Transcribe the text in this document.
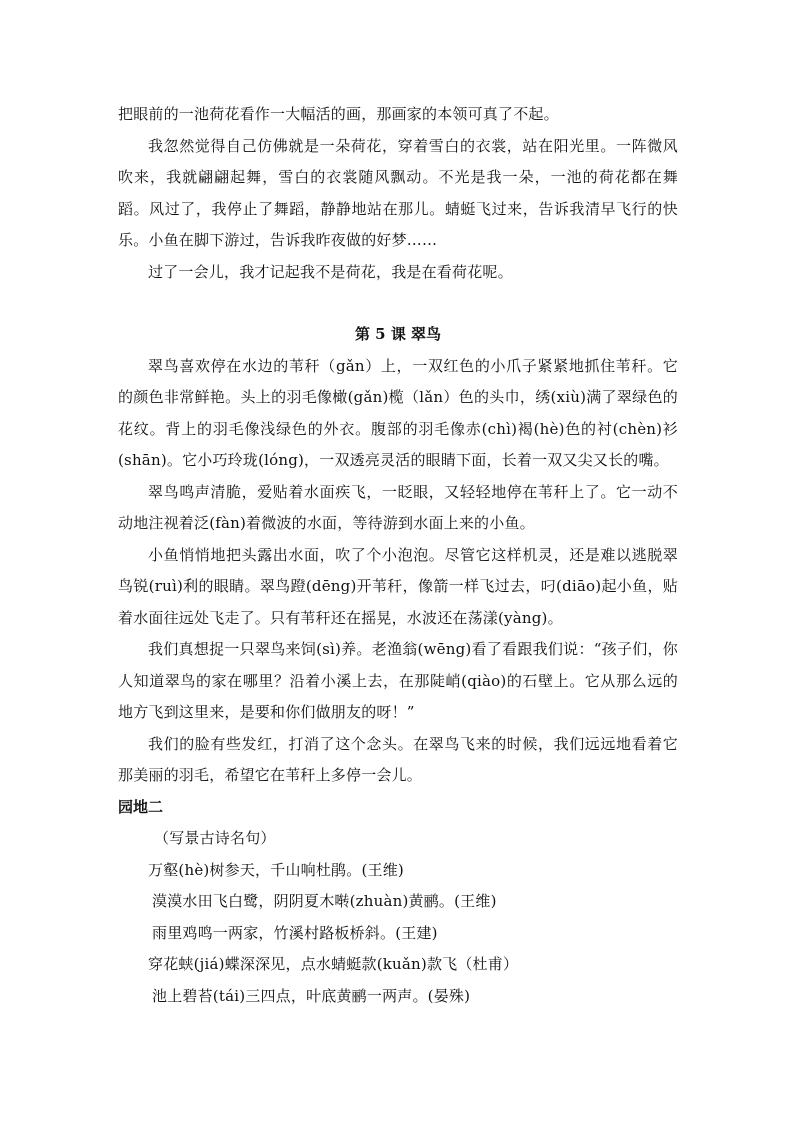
把眼前的一池荷花看作一大幅活的画，那画家的本领可真了不起。

我忽然觉得自己仿佛就是一朵荷花，穿着雪白的衣裳，站在阳光里。一阵微风吹来，我就翩翩起舞，雪白的衣裳随风飘动。不光是我一朵，一池的荷花都在舞蹈。风过了，我停止了舞蹈，静静地站在那儿。蜻蜓飞过来，告诉我清早飞行的快乐。小鱼在脚下游过，告诉我昨夜做的好梦……

过了一会儿，我才记起我不是荷花，我是在看荷花呢。

第 5 课 翠鸟

翠鸟喜欢停在水边的苇秆（gǎn）上，一双红色的小爪子紧紧地抓住苇秆。它的颜色非常鲜艳。头上的羽毛像橄(gǎn)榄（lǎn）色的头巾，绣(xiù)满了翠绿色的花纹。背上的羽毛像浅绿色的外衣。腹部的羽毛像赤(chì)褐(hè)色的衬(chèn)衫(shān)。它小巧玲珑(lóng)，一双透亮灵活的眼睛下面，长着一双又尖又长的嘴。

翠鸟鸣声清脆，爱贴着水面疾飞，一眨眼，又轻轻地停在苇秆上了。它一动不动地注视着泛(fàn)着微波的水面，等待游到水面上来的小鱼。

小鱼悄悄地把头露出水面，吹了个小泡泡。尽管它这样机灵，还是难以逃脱翠鸟锐(ruì)利的眼睛。翠鸟蹬(dēng)开苇秆，像箭一样飞过去，叼(diāo)起小鱼，贴着水面往远处飞走了。只有苇秆还在摇晃，水波还在荡漾(yàng)。

我们真想捉一只翠鸟来饲(sì)养。老渔翁(wēng)看了看跟我们说：“孩子们，你人知道翠鸟的家在哪里？沿着小溪上去，在那陡峭(qiào)的石壁上。它从那么远的地方飞到这里来，是要和你们做朋友的呀！”

我们的脸有些发红，打消了这个念头。在翠鸟飞来的时候，我们远远地看着它那美丽的羽毛，希望它在苇秆上多停一会儿。

园地二

（写景古诗名句）

万壑(hè)树参天，千山响杜鹃。(王维)

漠漠水田飞白鹭，阴阴夏木啭(zhuàn)黄鹂。(王维)

雨里鸡鸣一两家，竹溪村路板桥斜。(王建)

穿花蛱(jiá)蝶深深见，点水蜻蜓款(kuǎn)款飞（杜甫）

池上碧苔(tái)三四点，叶底黄鹂一两声。(晏殊)
